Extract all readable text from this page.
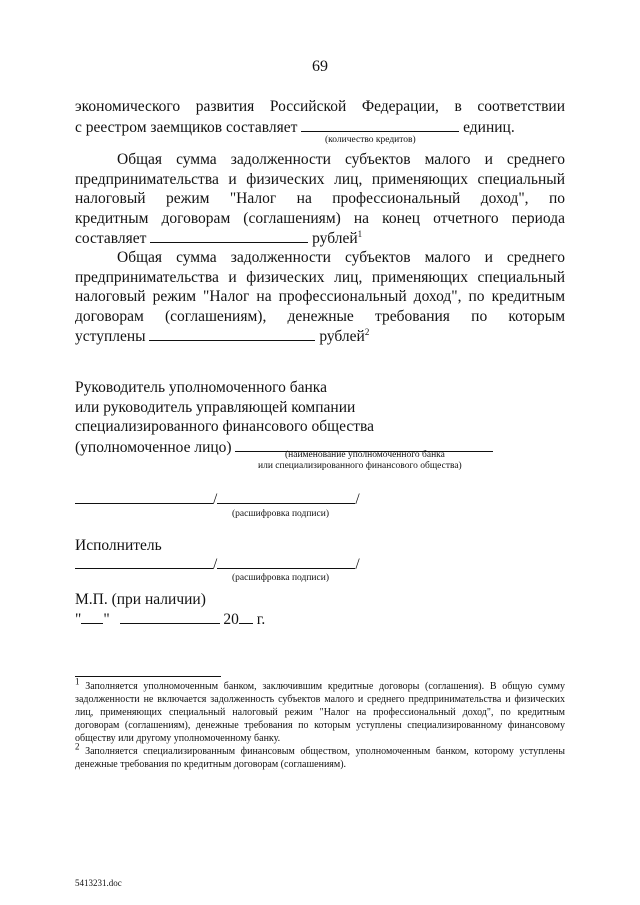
69
экономического развития Российской Федерации, в соответствии
с реестром заемщиков составляет	единиц.
(количество кредитов)
Общая сумма задолженности субъектов малого и среднего
предпринимательства и физических лиц, применяющих специальный
налоговый режим "Налог на профессиональный доход", по
кредитным договорам (соглашениям) на конец отчетного периода
составляет	рублей$^1$
Общая сумма задолженности субъектов малого и среднего
предпринимательства и физических лиц, применяющих специальный
налоговый режим "Налог на профессиональный доход", по кредитным
договорам (соглашениям), денежные требования по которым
уступлены	рублей$^2$
Руководитель уполномоченного банка
или руководитель управляющей компании
специализированного финансового общества
(уполномоченное лицо)	(наименование уполномоченного банка
или специализированного финансового общества)
/	/
(расшифровка подписи)
Исполнитель
/	/
(расшифровка подписи)
М.П. (при наличии)
" "	20 г.
$^1$ Заполняется уполномоченным банком, заключившим кредитные договоры (соглашения). В общую сумму задолженности не включается задолженность субъектов малого и среднего предпринимательства и физических лиц, применяющих специальный налоговый режим "Налог на профессиональный доход", по кредитным договорам (соглашениям), денежные требования по которым уступлены специализированному финансовому обществу или другому уполномоченному банку.
$^2$ Заполняется специализированным финансовым обществом, уполномоченным банком, которому уступлены денежные требования по кредитным договорам (соглашениям).
5413231.doc
